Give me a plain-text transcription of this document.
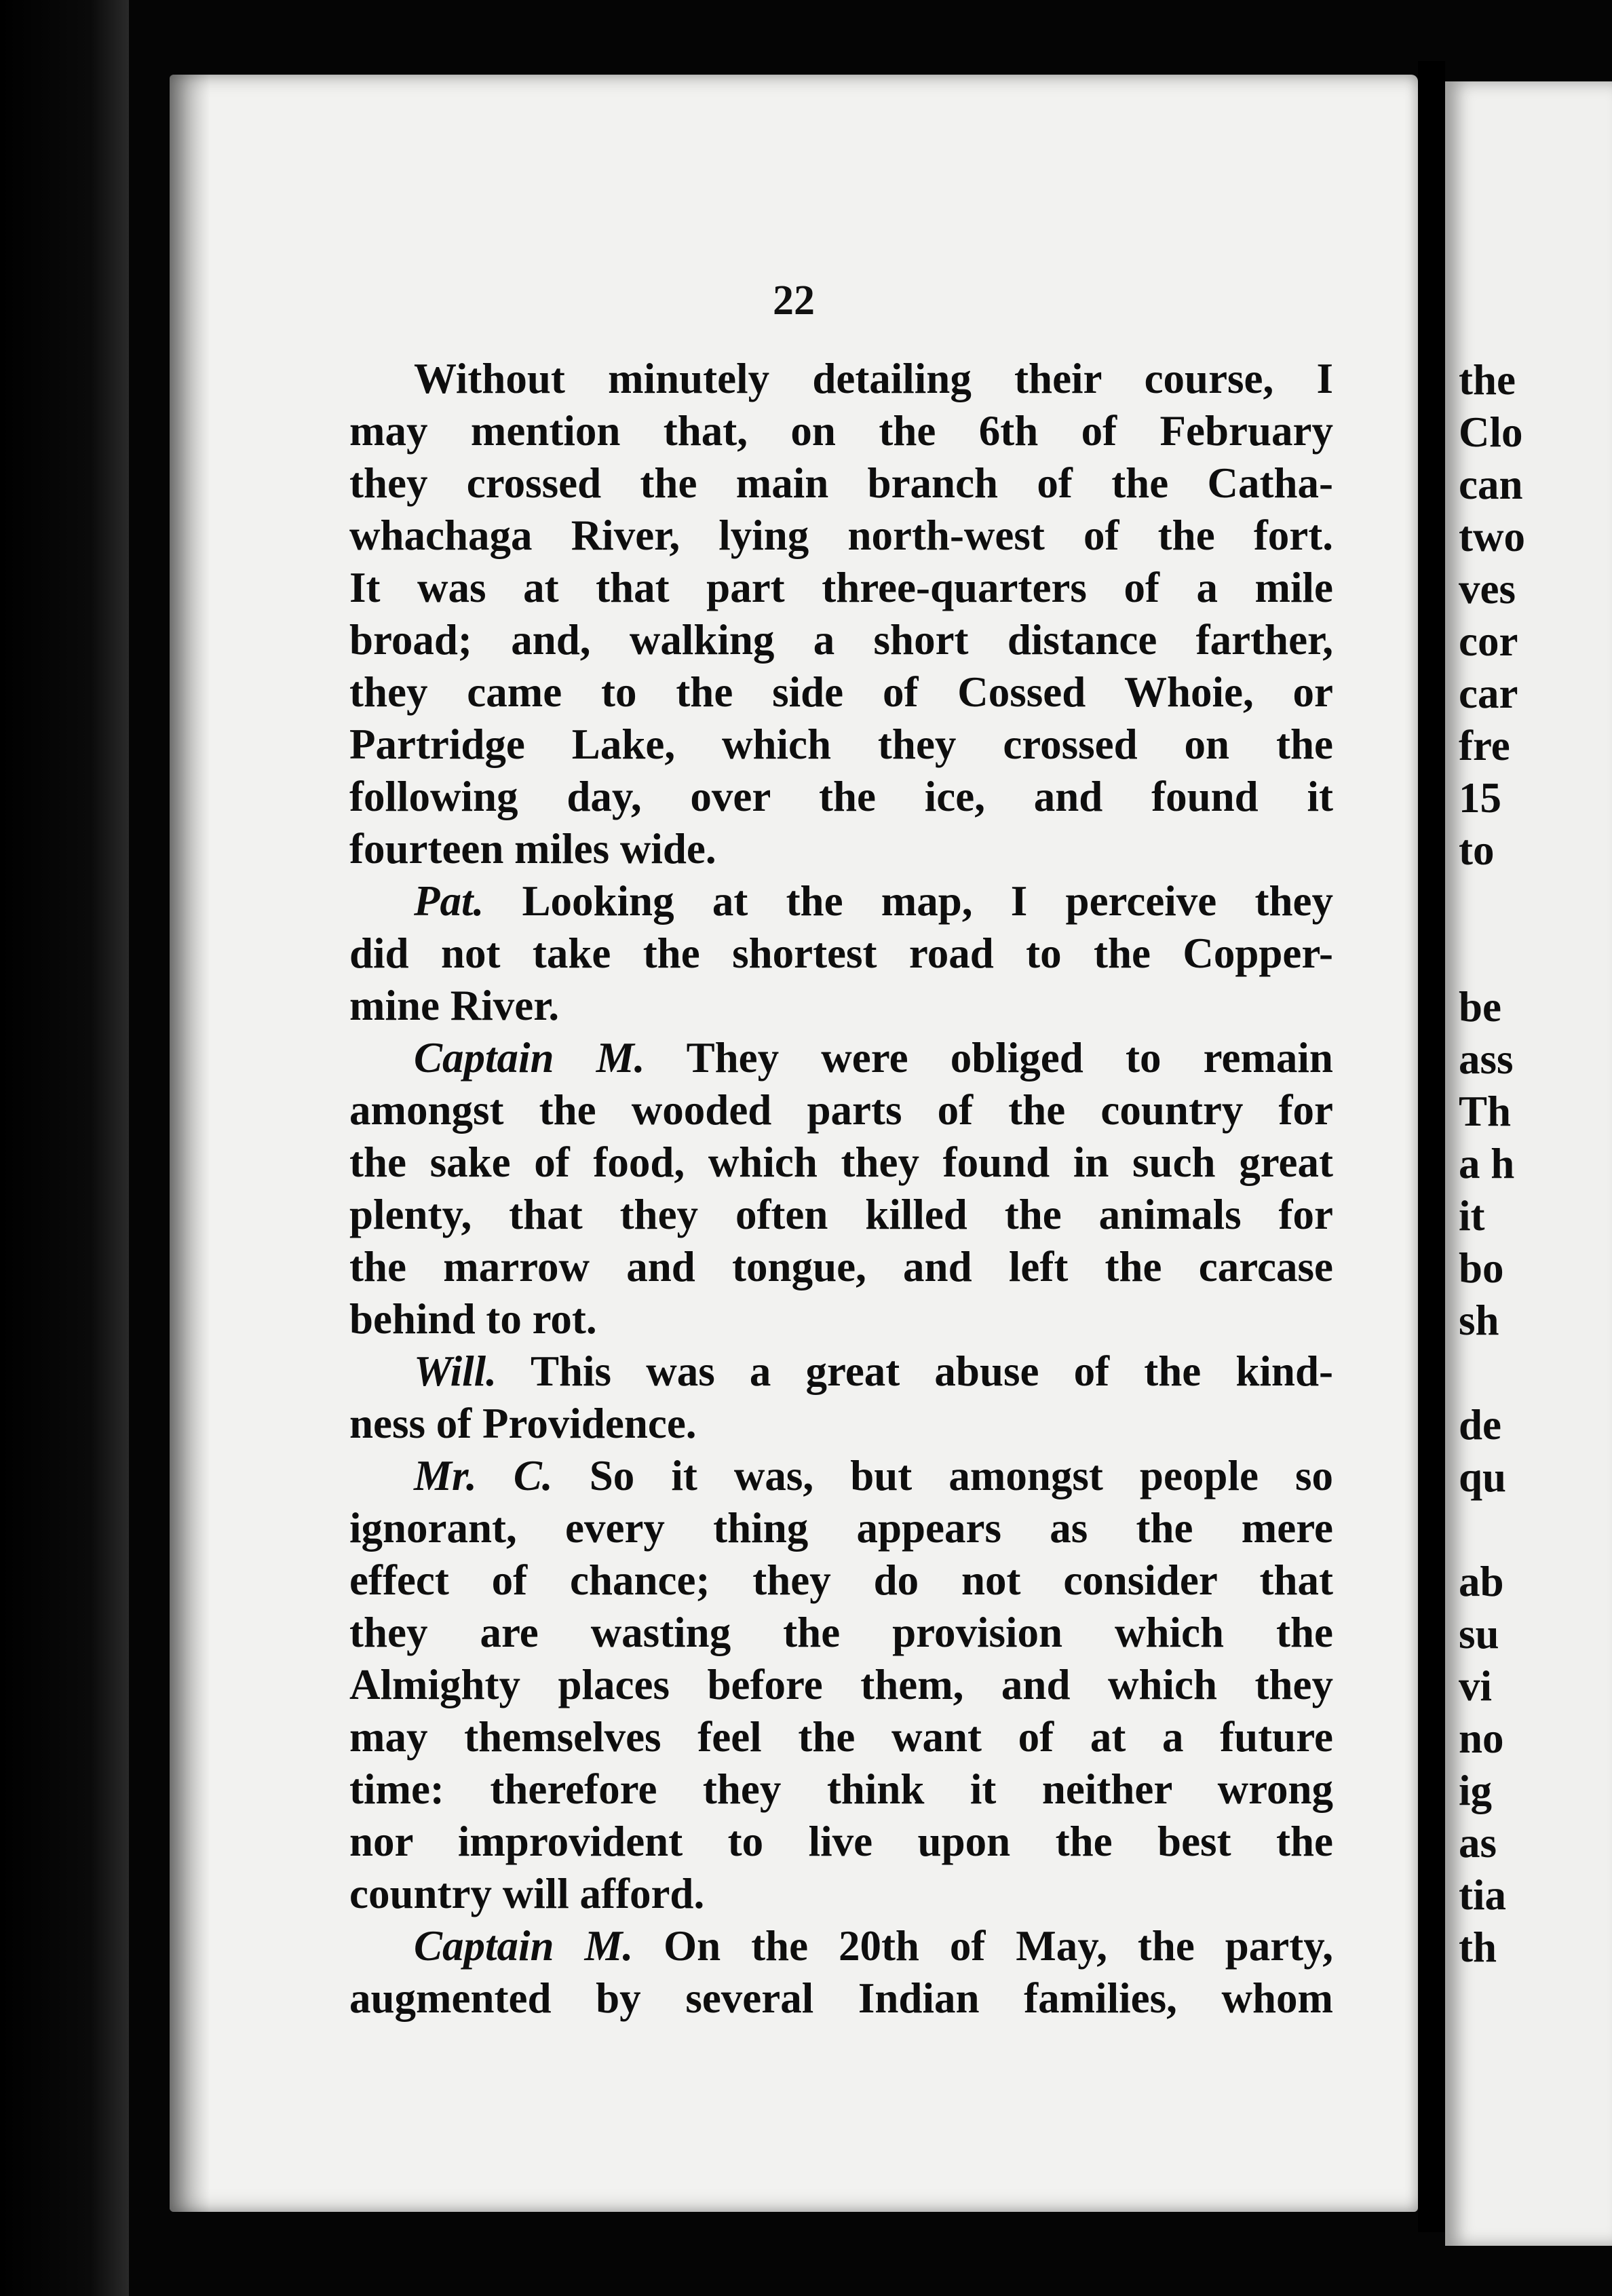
22
Without minutely detailing their course, I
may mention that, on the 6th of February
they crossed the main branch of the Catha-
whachaga River, lying north-west of the fort.
It was at that part three-quarters of a mile
broad; and, walking a short distance farther,
they came to the side of Cossed Whoie, or
Partridge Lake, which they crossed on the
following day, over the ice, and found it
fourteen miles wide.
Pat. Looking at the map, I perceive they
did not take the shortest road to the Copper-
mine River.
Captain M. They were obliged to remain
amongst the wooded parts of the country for
the sake of food, which they found in such great
plenty, that they often killed the animals for
the marrow and tongue, and left the carcase
behind to rot.
Will. This was a great abuse of the kind-
ness of Providence.
Mr. C. So it was, but amongst people so
ignorant, every thing appears as the mere
effect of chance; they do not consider that
they are wasting the provision which the
Almighty places before them, and which they
may themselves feel the want of at a future
time: therefore they think it neither wrong
nor improvident to live upon the best the
country will afford.
Captain M. On the 20th of May, the party,
augmented by several Indian families, whom
the
Clo
can
two
ves
cor
car
fre
15
to
be
ass
Th
a h
it
bo
sh
de
qu
ab
su
vi
no
ig
as
tia
th
